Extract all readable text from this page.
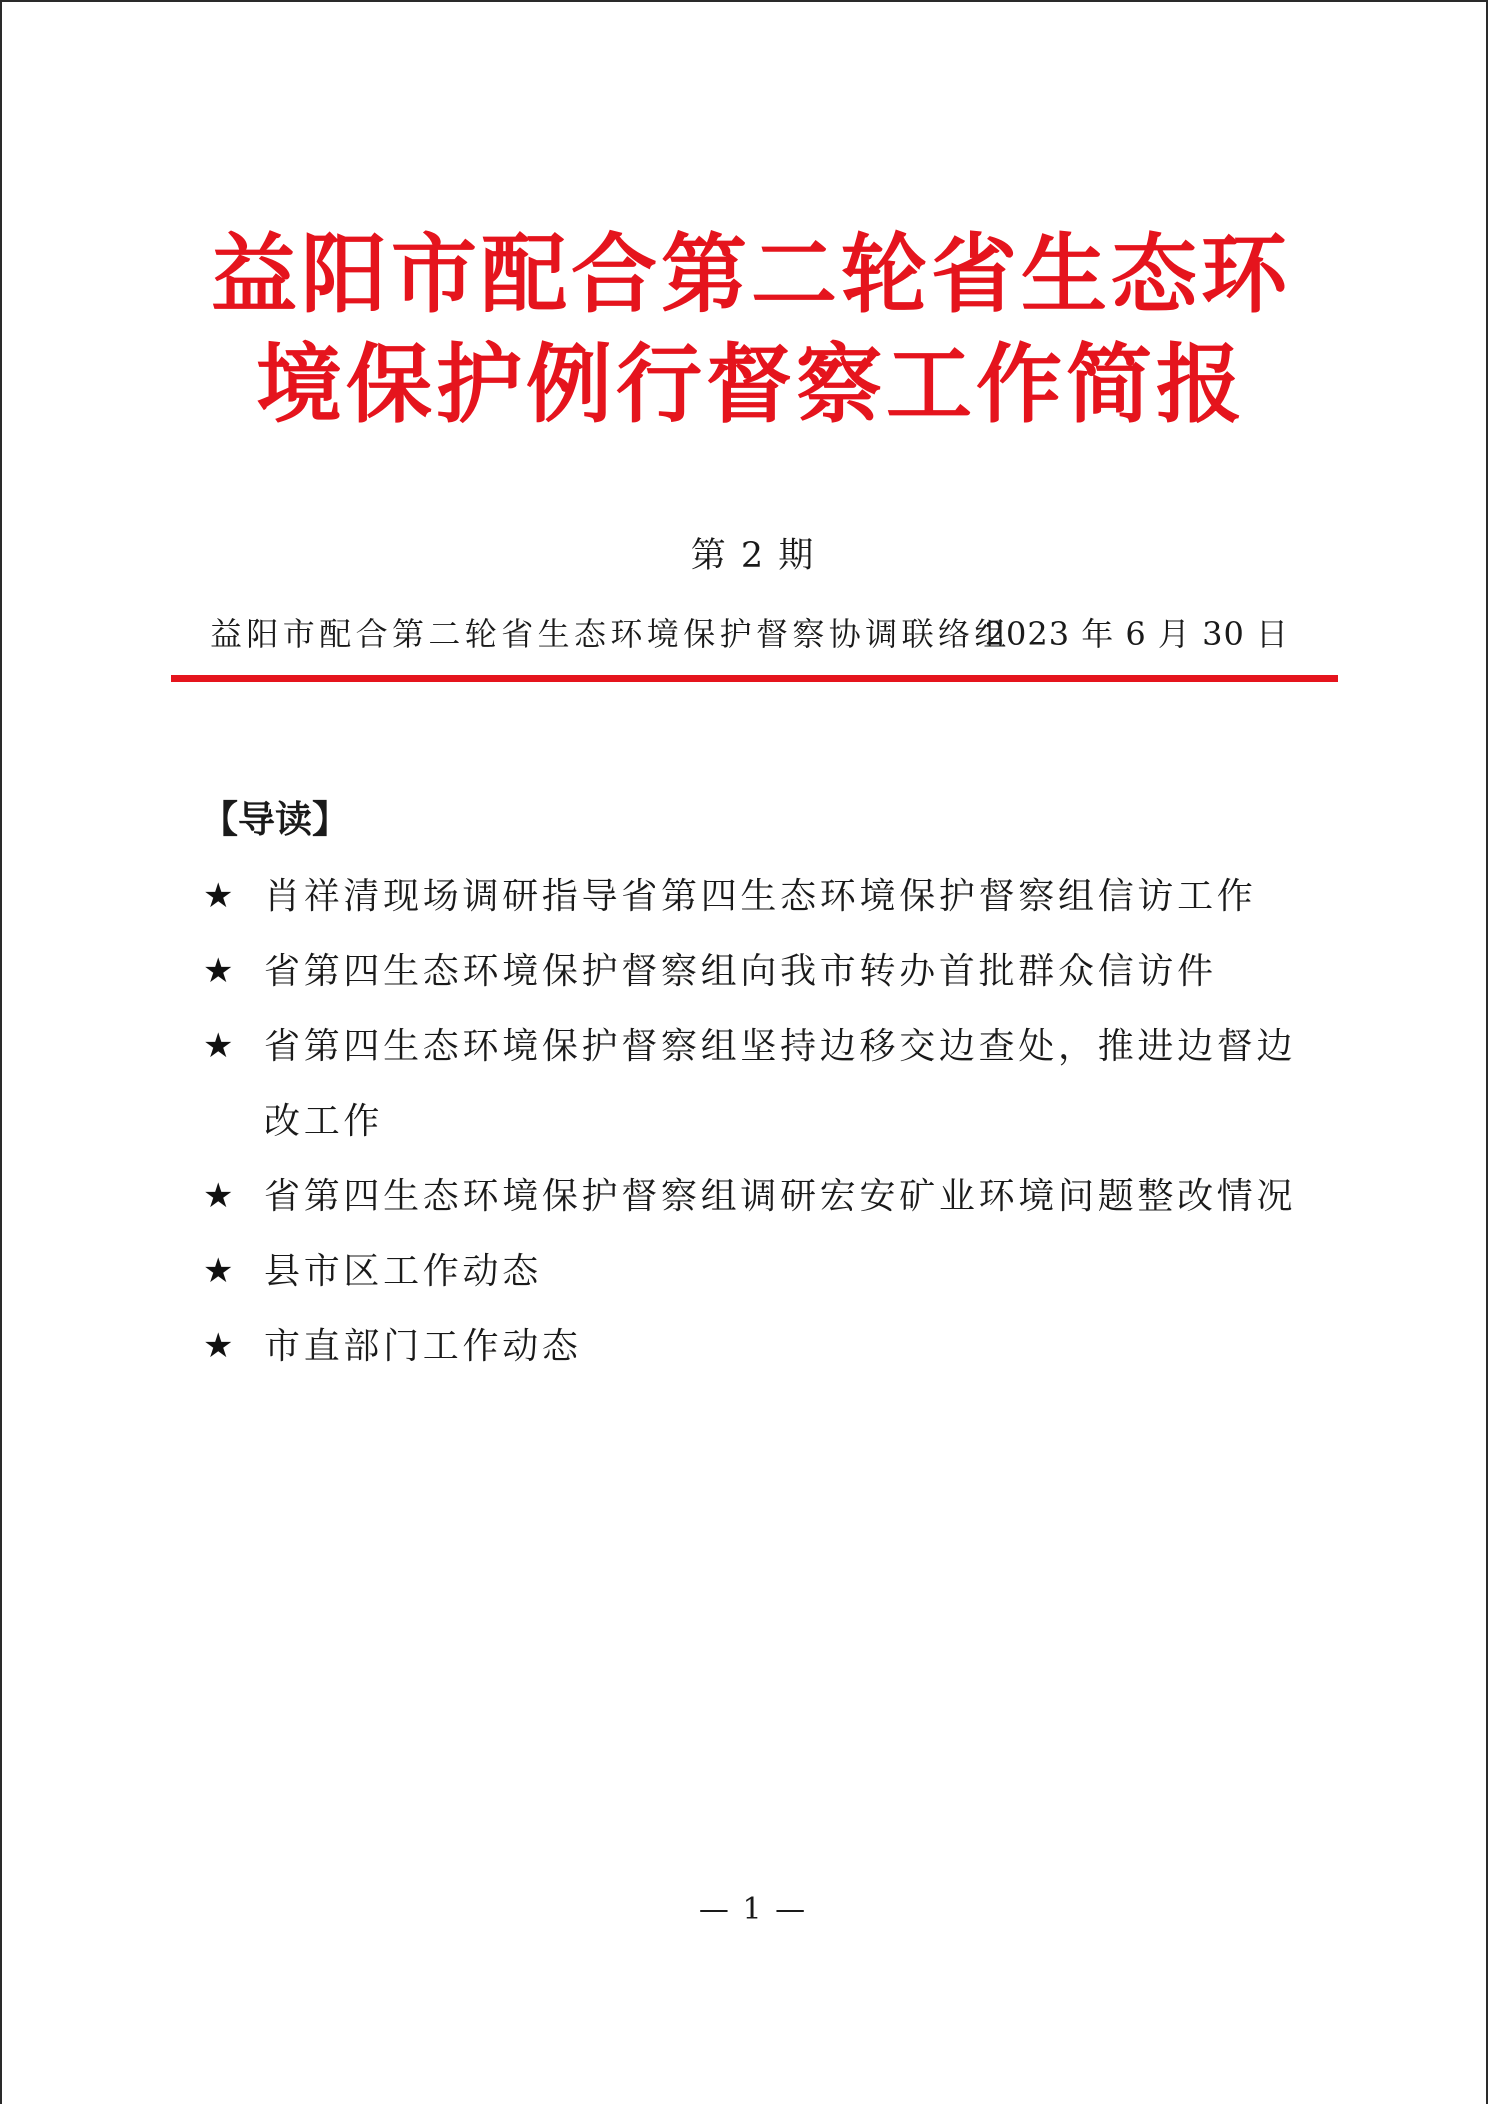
益阳市配合第二轮省生态环境保护例行督察工作简报
第 2 期
益阳市配合第二轮省生态环境保护督察协调联络组
2023 年 6 月 30 日
【导读】
★ 肖祥清现场调研指导省第四生态环境保护督察组信访工作
★ 省第四生态环境保护督察组向我市转办首批群众信访件
★ 省第四生态环境保护督察组坚持边移交边查处，推进边督边改工作
★ 省第四生态环境保护督察组调研宏安矿业环境问题整改情况
★ 县市区工作动态
★ 市直部门工作动态
— 1 —
